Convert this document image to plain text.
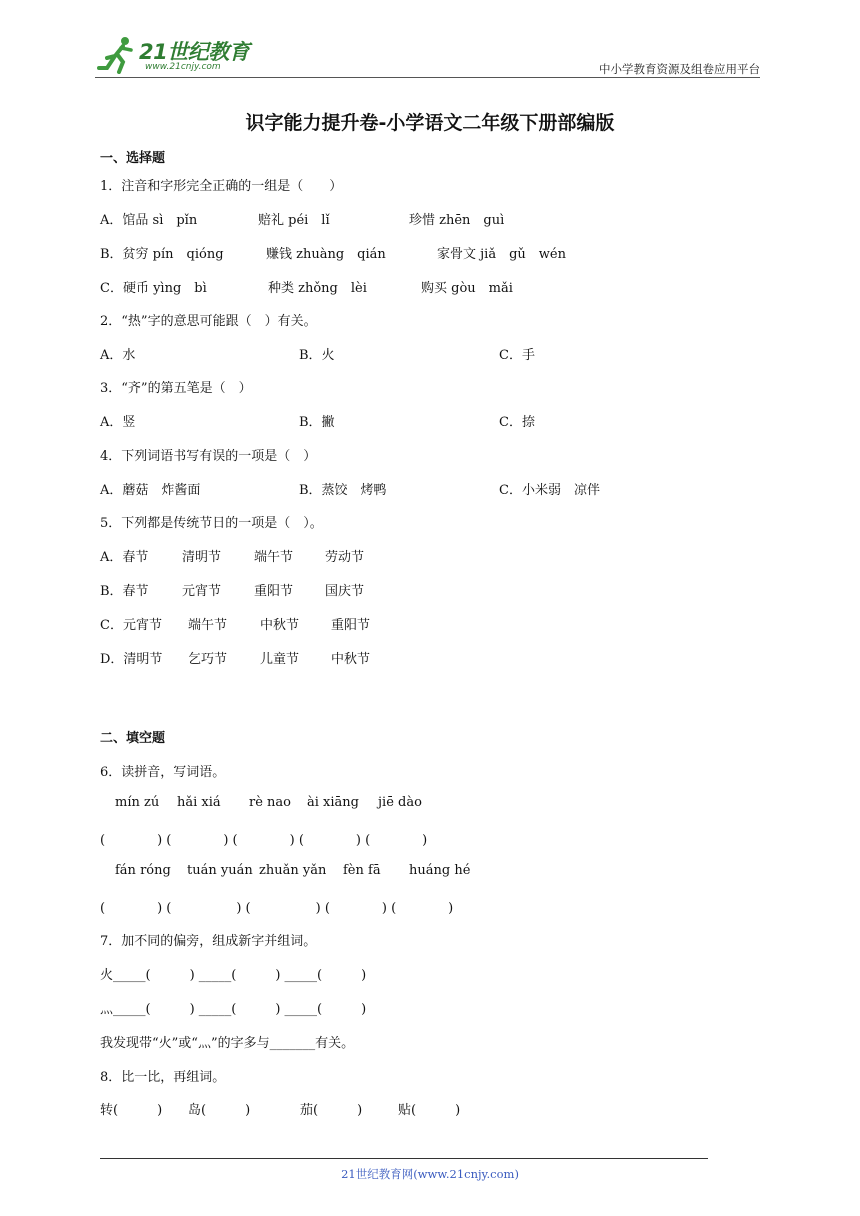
21世纪教育
www.21cnjy.com	中小学教育资源及组卷应用平台
识字能力提升卷-小学语文二年级下册部编版
一、选择题
1．注音和字形完全正确的一组是（　　）
A．馆品 sì　pǐn	赔礼 péi　lǐ	珍惜 zhēn　guì
B．贫穷 pín　qióng	赚钱 zhuàng　qián	家骨文 jiǎ　gǔ　wén
C．硬币 yìng　bì	种类 zhǒng　lèi	购买 gòu　mǎi
2．“热”字的意思可能跟（　）有关。
A．水	B．火	C．手
3．“齐”的第五笔是（　）
A．竖	B．撇	C．捺
4．下列词语书写有误的一项是（　）
A．蘑菇　炸酱面	B．蒸饺　烤鸭	C．小米弱　凉伴
5．下列都是传统节日的一项是（　）。
A．春节	清明节	端午节 劳动节
B．春节	元宵节	重阳节 国庆节
C．元宵节 端午节	中秋节 重阳节
D．清明节 乞巧节	儿童节 中秋节
二、填空题
6．读拼音，写词语。
mín zú hǎi xiá rè nao ài xiāng jiē dào
(　　　　) (　　　　) (　　　　) (　　　　) (　　　　)
fán róng tuán yuán zhuǎn yǎn fèn fā huáng hé
(　　　　) (　　　　　) (　　　　　) (　　　　) (　　　　)
7．加不同的偏旁，组成新字并组词。
火_____(　　　) _____(　　　) _____(　　　)
灬_____(　　　) _____(　　　) _____(　　　)
我发现带“火”或“灬”的字多与_______有关。
8．比一比，再组词。
转(　　　) 岛(　　　)	茄(　　　)	贴(　　　)
21世纪教育网(www.21cnjy.com)
